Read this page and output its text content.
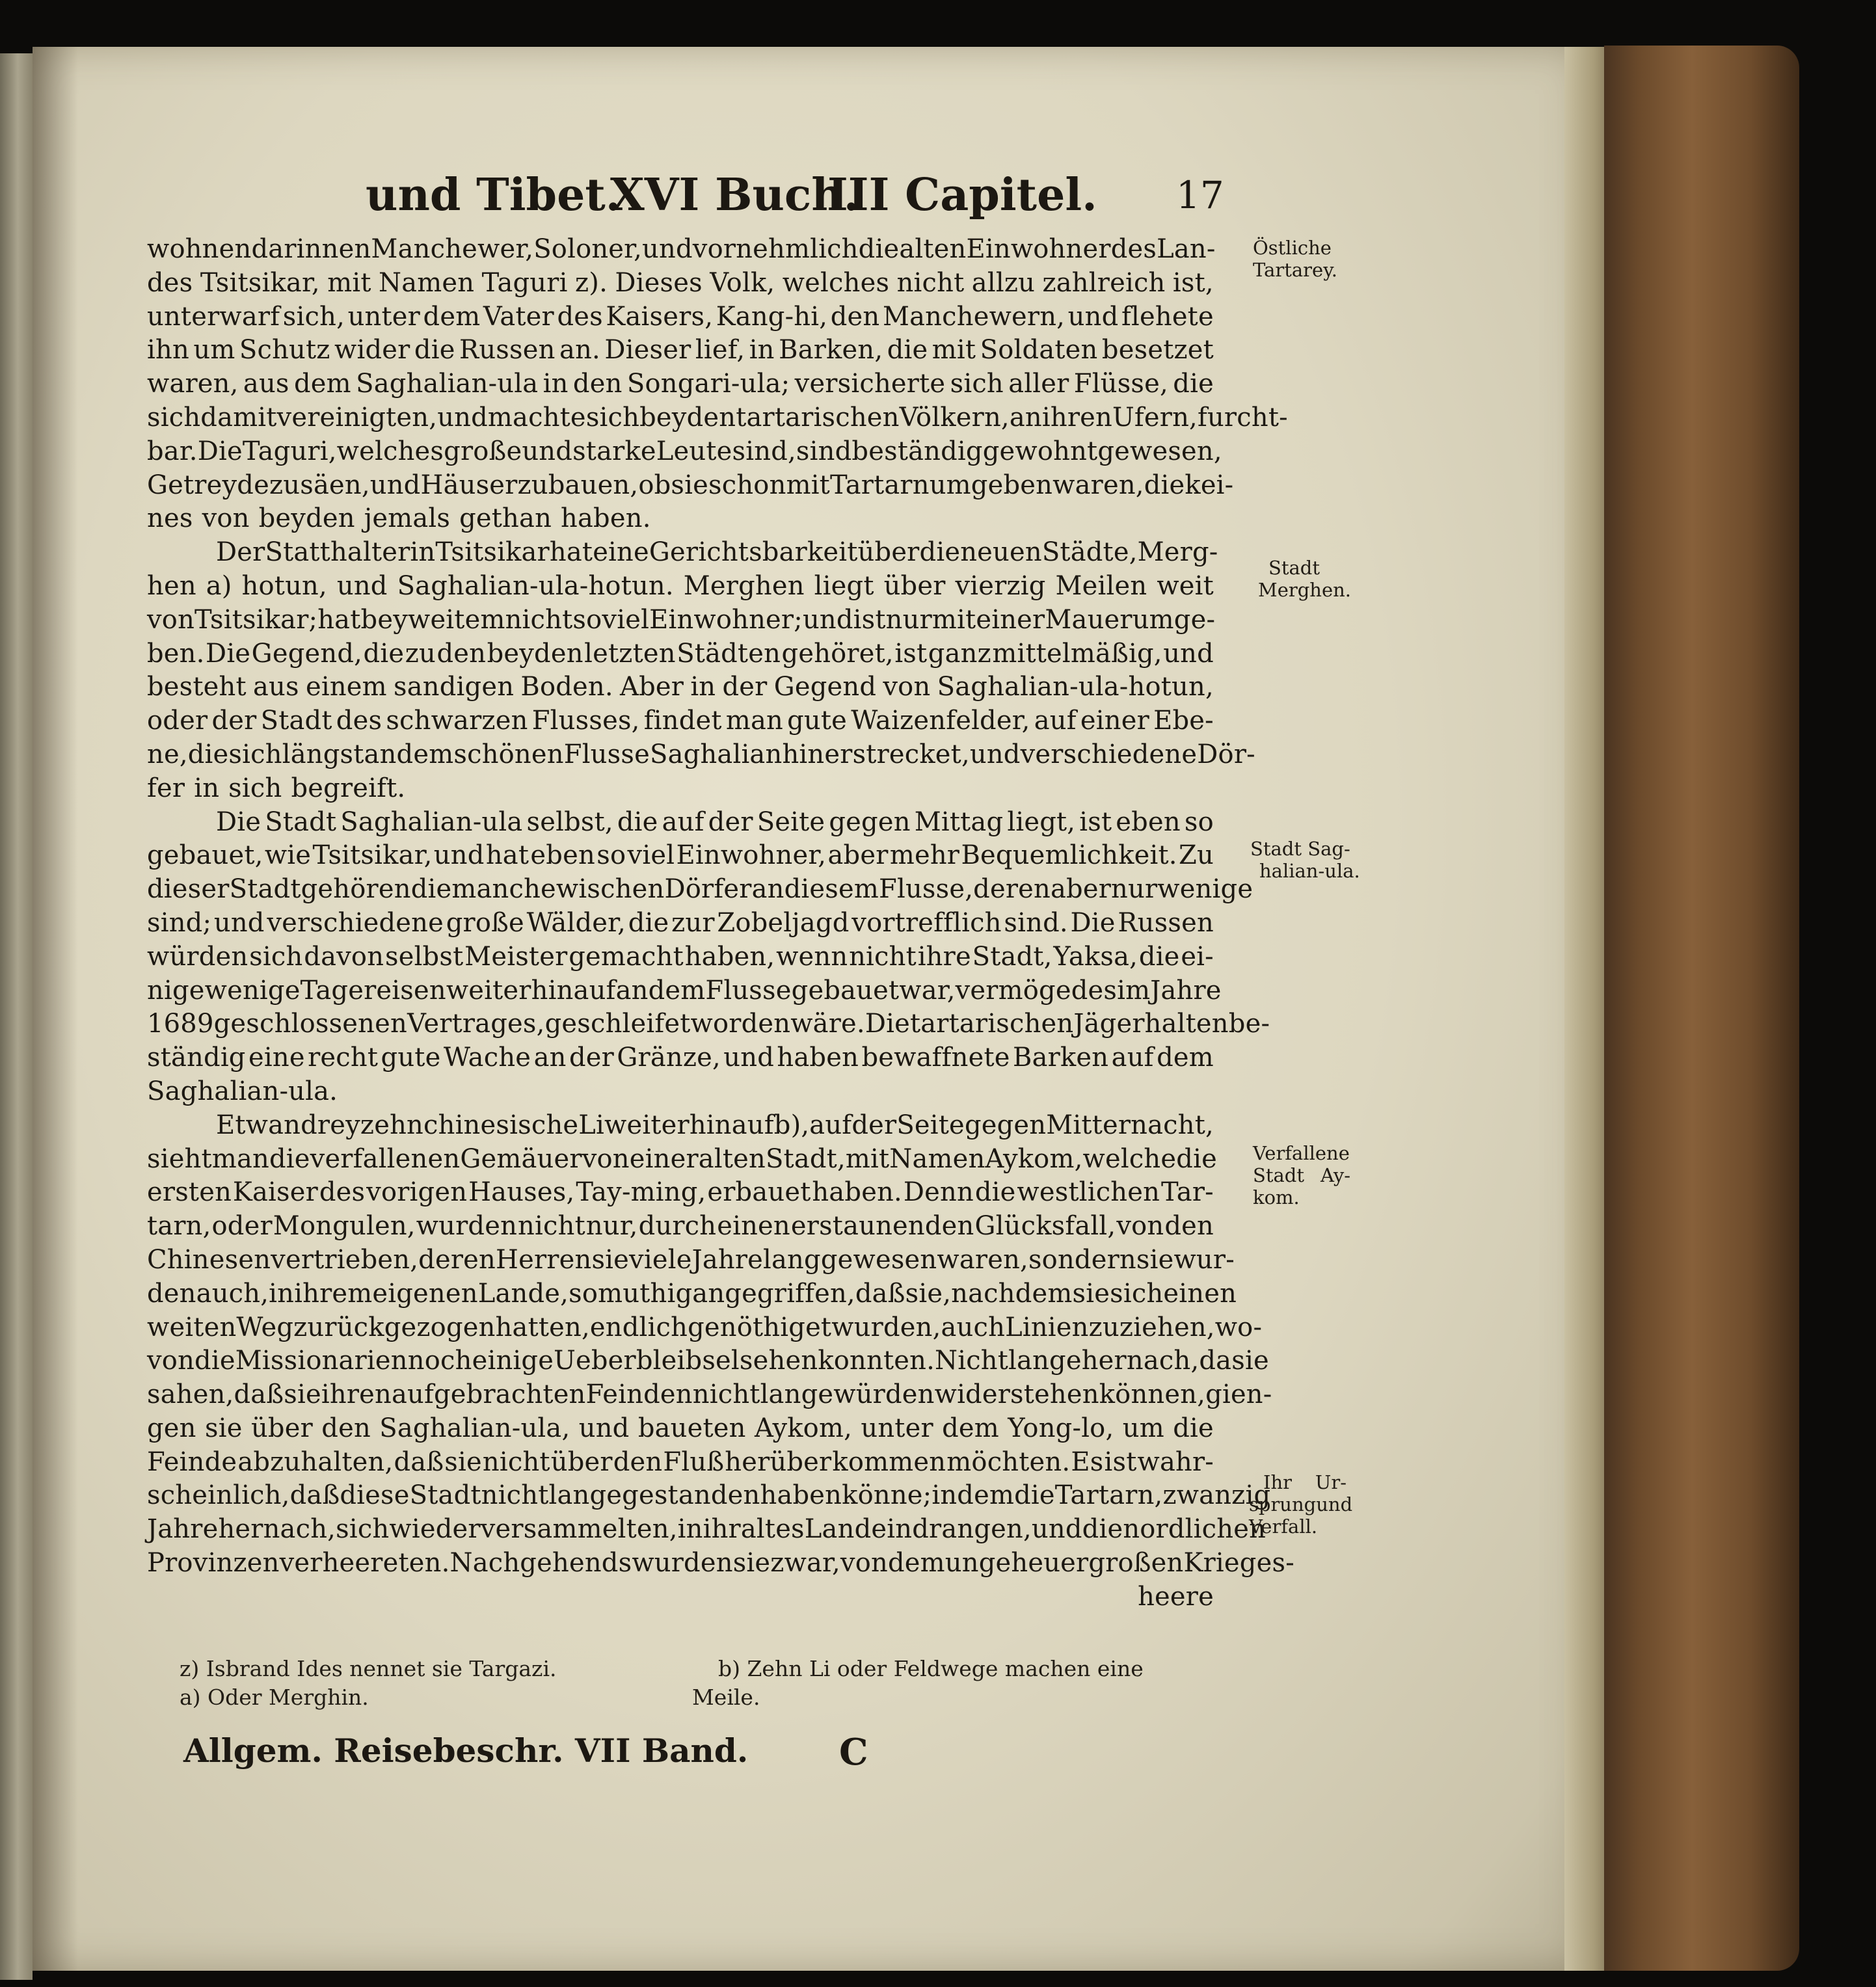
und Tibet.
XVI Buch.
III Capitel. 17
wohnen darinnen Manchewer, Soloner, und vornehmlich die alten Einwohner des Lan-
des Tsitsikar, mit Namen Taguri z). Dieses Volk, welches nicht allzu zahlreich ist,
unterwarf sich, unter dem Vater des Kaisers, Kang-hi, den Manchewern, und flehete
ihn um Schutz wider die Russen an. Dieser lief, in Barken, die mit Soldaten besetzet
waren, aus dem Saghalian-ula in den Songari-ula; versicherte sich aller Flüsse, die
sich damit vereinigten, und machte sich bey den tartarischen Völkern, an ihren Ufern, furcht-
bar. Die Taguri, welches große und starke Leute sind, sind beständig gewohnt gewesen,
Getreyde zu säen, und Häuser zu bauen, ob sie schon mit Tartarn umgeben waren, die kei-
nes von beyden jemals gethan haben.
Der Statthalter in Tsitsikar hat eine Gerichtsbarkeit über die neuen Städte, Merg-
hen a) hotun, und Saghalian-ula-hotun. Merghen liegt über vierzig Meilen weit
von Tsitsikar; hat bey weitem nicht so viel Einwohner; und ist nur mit einer Mauer umge-
ben. Die Gegend, die zu den beyden letzten Städten gehöret, ist ganz mittelmäßig, und
besteht aus einem sandigen Boden. Aber in der Gegend von Saghalian-ula-hotun,
oder der Stadt des schwarzen Flusses, findet man gute Waizenfelder, auf einer Ebe-
ne, die sich längst an dem schönen Flusse Saghalian hin erstrecket, und verschiedene Dör-
fer in sich begreift.
Die Stadt Saghalian-ula selbst, die auf der Seite gegen Mittag liegt, ist eben so
gebauet, wie Tsitsikar, und hat eben so viel Einwohner, aber mehr Bequemlichkeit. Zu
dieser Stadt gehören die manchewischen Dörfer an diesem Flusse, deren aber nur wenige
sind; und verschiedene große Wälder, die zur Zobeljagd vortrefflich sind. Die Russen
würden sich davon selbst Meister gemacht haben, wenn nicht ihre Stadt, Yaksa, die ei-
nige wenige Tagereisen weiter hinauf an dem Flusse gebauet war, vermöge des im Jahre
1689 geschlossenen Vertrages, geschleifet worden wäre. Die tartarischen Jäger halten be-
ständig eine recht gute Wache an der Gränze, und haben bewaffnete Barken auf dem
Saghalian-ula.
Etwan dreyzehn chinesische Li weiter hinauf b), auf der Seite gegen Mitternacht,
sieht man die verfallenen Gemäuer von einer alten Stadt, mit Namen Aykom, welche die
ersten Kaiser des vorigen Hauses, Tay-ming, erbauet haben. Denn die westlichen Tar-
tarn, oder Mongulen, wurden nicht nur, durch einen erstaunenden Glücksfall, von den
Chinesen vertrieben, deren Herren sie viele Jahre lang gewesen waren, sondern sie wur-
den auch, in ihrem eigenen Lande, so muthig angegriffen, daß sie, nachdem sie sich einen
weiten Weg zurück gezogen hatten, endlich genöthiget wurden, auch Linien zu ziehen, wo-
von die Missionarien noch einige Ueberbleibsel sehen konnten. Nicht lange hernach, da sie
sahen, daß sie ihren aufgebrachten Feinden nicht lange würden widerstehen können, gien-
gen sie über den Saghalian-ula, und baueten Aykom, unter dem Yong-lo, um die
Feinde abzuhalten, daß sie nicht über den Fluß herüber kommen möchten. Es ist wahr-
scheinlich, daß diese Stadt nicht lange gestanden haben könne; indem die Tartarn, zwanzig
Jahre hernach, sich wieder versammelten, in ihr altes Land eindrangen, und die nordlichen
Provinzen verheereten. Nachgehends wurden sie zwar, von dem ungeheuer großen Krieges-
heere
Östliche
Tartarey.
Stadt
Merghen.
Stadt Sag-
halian-ula.
Verfallene
Stadt Ay-
kom.
Ihr Ur-
sprung und
Verfall.
z) Isbrand Ides nennet sie Targazi.
a) Oder Merghin.
b) Zehn Li oder Feldwege machen eine
Meile.
Allgem. Reisebeschr. VII Band. C
